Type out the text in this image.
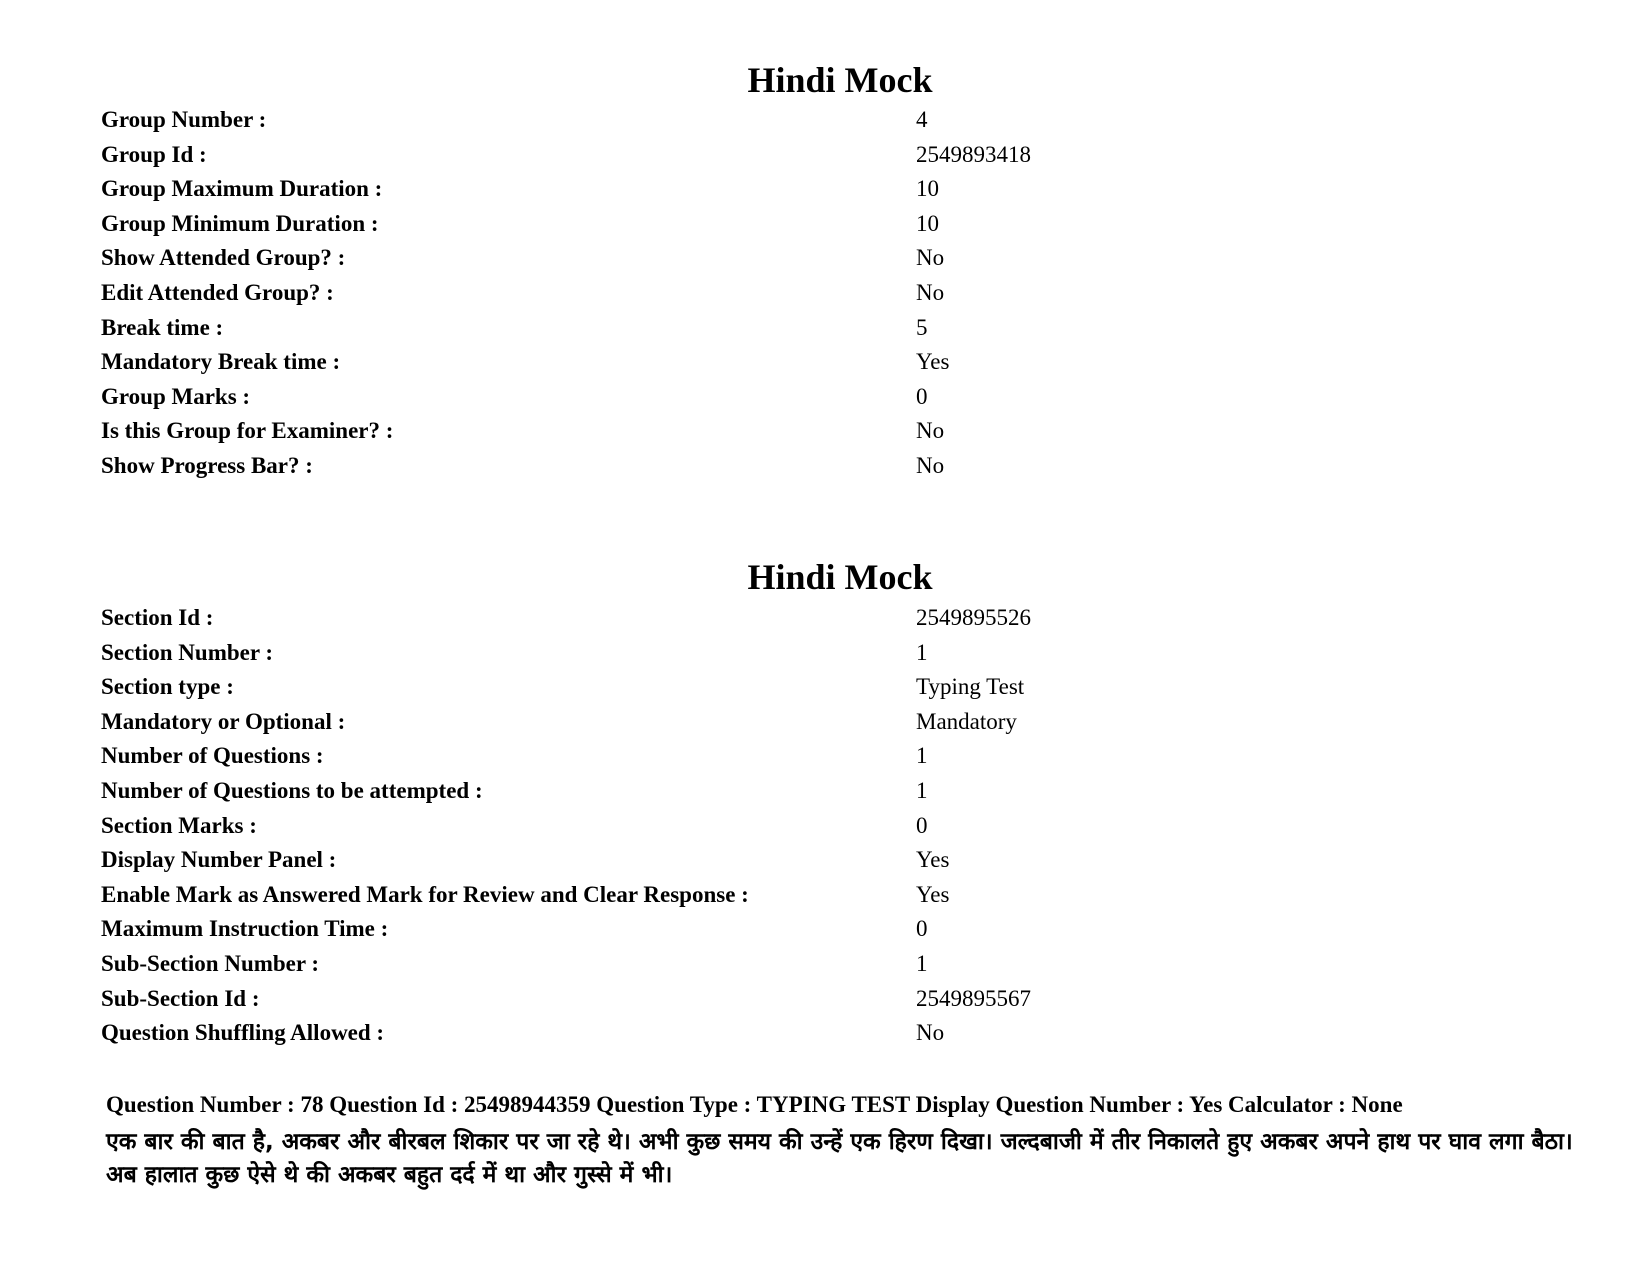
Hindi Mock
Group Number :	4
Group Id :	2549893418
Group Maximum Duration :	10
Group Minimum Duration :	10
Show Attended Group? :	No
Edit Attended Group? :	No
Break time :	5
Mandatory Break time :	Yes
Group Marks :	0
Is this Group for Examiner? :	No
Show Progress Bar? :	No
Hindi Mock
Section Id :	2549895526
Section Number :	1
Section type :	Typing Test
Mandatory or Optional :	Mandatory
Number of Questions :	1
Number of Questions to be attempted :	1
Section Marks :	0
Display Number Panel :	Yes
Enable Mark as Answered Mark for Review and Clear Response :	Yes
Maximum Instruction Time :	0
Sub-Section Number :	1
Sub-Section Id :	2549895567
Question Shuffling Allowed :	No
Question Number : 78 Question Id : 25498944359 Question Type : TYPING TEST Display Question Number : Yes Calculator : None
एक बार की बात है, अकबर और बीरबल शिकार पर जा रहे थे। अभी कुछ समय की उन्हें एक हिरण दिखा। जल्दबाजी में तीर निकालते हुए अकबर अपने हाथ पर घाव लगा बैठा। अब हालात कुछ ऐसे थे की अकबर बहुत दर्द में था और गुस्से में भी।
